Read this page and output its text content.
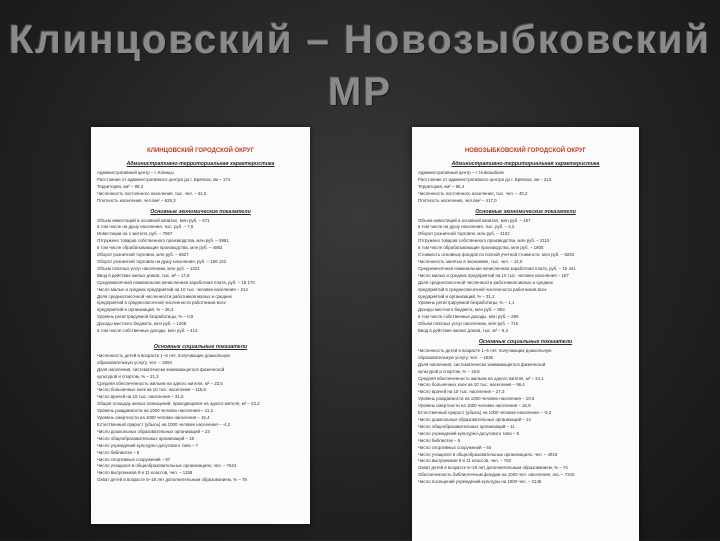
Клинцовский – Новозыбковский
МР
КЛИНЦОВСКИЙ ГОРОДСКОЙ ОКРУГ
Административно-территориальная характеристика
Административный центр – г. Клинцы
Расстояние от административного центра до г. Брянска, км – 174
Территория, км² – 98,3
Численность постоянного населения, тыс. чел. – 61,5
Плотность населения, чел./км² – 625,3
Основные экономические показатели
Объем инвестиций в основной капитал, млн руб. – 471
в том числе на душу населения, тыс. руб. – 7,6
Инвестиции на 1 жителя, руб. – 7657
Отгружено товаров собственного производства, млн руб. – 5981
в том числе обрабатывающие производства, млн руб. – 4892
Оборот розничной торговли, млн руб. – 6527
Оборот розничной торговли на душу населения, руб. – 106 122
Объем платных услуг населению, млн руб. – 1321
Ввод в действие жилых домов, тыс. м² – 17,8
Среднемесячная номинальная начисленная заработная плата, руб. – 18 170
Число малых и средних предприятий на 10 тыс. человек населения – 214
Доля среднесписочной численности работников малых и средних
предприятий в среднесписочной численности работников всех
предприятий и организаций, % – 36,4
Уровень регистрируемой безработицы, % – 0,8
Доходы местного бюджета, млн руб. – 1208
в том числе собственные доходы, млн руб. – 414
Основные социальные показатели
Численность детей в возрасте 1–6 лет, получающих дошкольную
образовательную услугу, чел. – 2684
Доля населения, систематически занимающегося физической
культурой и спортом, % – 21,3
Средняя обеспеченность жильем на одного жителя, м² – 23,5
Число больничных коек на 10 тыс. населения – 115,8
Число врачей на 10 тыс. населения – 31,6
Общая площадь жилых помещений, приходящаяся на одного жителя, м² – 23,2
Уровень рождаемости на 1000 человек населения – 11,2
Уровень смертности на 1000 человек населения – 15,4
Естественный прирост (убыль) на 1000 человек населения – -4,2
Число дошкольных образовательных организаций – 23
Число общеобразовательных организаций – 16
Число учреждений культурно-досугового типа – 7
Число библиотек – 8
Число спортивных сооружений – 97
Число учащихся в общеобразовательных организациях, чел. – 7624
Число выпускников 9 и 11 классов, чел. – 1158
Охват детей в возрасте 5–18 лет дополнительным образованием, % – 78
НОВОЗЫБКОВСКИЙ ГОРОДСКОЙ ОКРУГ
Административно-территориальная характеристика
Административный центр – г. Новозыбков
Расстояние от административного центра до г. Брянска, км – 213
Территория, км² – 96,4
Численность постоянного населения, тыс. чел. – 40,2
Плотность населения, чел./км² – 417,0
Основные экономические показатели
Объем инвестиций в основной капитал, млн руб. – 167
в том числе на душу населения, тыс. руб. – 4,2
Оборот розничной торговли, млн руб. – 4102
Отгружено товаров собственного производства, млн руб. – 2115
в том числе обрабатывающие производства, млн руб. – 1805
Стоимость основных фондов по полной учетной стоимости, млн руб. – 9263
Численность занятых в экономике, тыс. чел. – 14,6
Среднемесячная номинальная начисленная заработная плата, руб. – 16 441
Число малых и средних предприятий на 10 тыс. человек населения – 187
Доля среднесписочной численности работников малых и средних
предприятий в среднесписочной численности работников всех
предприятий и организаций, % – 31,2
Уровень регистрируемой безработицы, % – 1,1
Доходы местного бюджета, млн руб. – 853
в том числе собственные доходы, млн руб. – 296
Объем платных услуг населению, млн руб. – 715
Ввод в действие жилых домов, тыс. м² – 9,4
Основные социальные показатели
Численность детей в возрасте 1–6 лет, получающих дошкольную
образовательную услугу, чел. – 1836
Доля населения, систематически занимающегося физической
культурой и спортом, % – 19,8
Средняя обеспеченность жильем на одного жителя, м² – 24,1
Число больничных коек на 10 тыс. населения – 98,4
Число врачей на 10 тыс. населения – 27,3
Уровень рождаемости на 1000 человек населения – 10,6
Уровень смертности на 1000 человек населения – 16,9
Естественный прирост (убыль) на 1000 человек населения – -6,3
Число дошкольных образовательных организаций – 14
Число общеобразовательных организаций – 11
Число учреждений культурно-досугового типа – 5
Число библиотек – 6
Число спортивных сооружений – 64
Число учащихся в общеобразовательных организациях, чел. – 4918
Число выпускников 9 и 11 классов, чел. – 763
Охват детей в возрасте 5–18 лет дополнительным образованием, % – 74
Обеспеченность библиотечным фондом на 1000 чел. населения, экз. – 7342
Число посещений учреждений культуры на 1000 чел. – 2145
